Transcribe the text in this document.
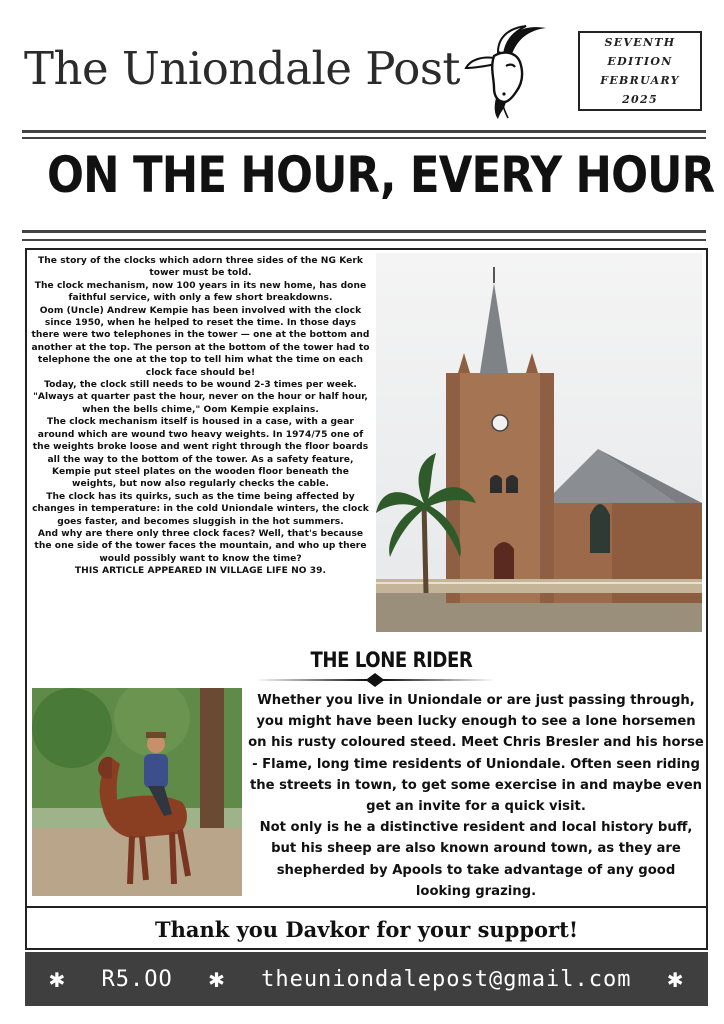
The Uniondale Post	SEVENTH
EDITION
FEBRUARY
2025
ON THE HOUR, EVERY HOUR

The story of the clocks which adorn three sides of the NG Kerk tower must be told.

The clock mechanism, now 100 years in its new home, has done faithful service, with only a few short breakdowns.

Oom (Uncle) Andrew Kempie has been involved with the clock since 1950, when he helped to reset the time. In those days there were two telephones in the tower — one at the bottom and another at the top. The person at the bottom of the tower had to telephone the one at the top to tell him what the time on each clock face should be!

Today, the clock still needs to be wound 2-3 times per week. "Always at quarter past the hour, never on the hour or half hour, when the bells chime," Oom Kempie explains.

The clock mechanism itself is housed in a case, with a gear around which are wound two heavy weights. In 1974/75 one of the weights broke loose and went right through the floor boards all the way to the bottom of the tower. As a safety feature, Kempie put steel plates on the wooden floor beneath the weights, but now also regularly checks the cable.

The clock has its quirks, such as the time being affected by changes in temperature: in the cold Uniondale winters, the clock goes faster, and becomes sluggish in the hot summers.

And why are there only three clock faces? Well, that's because the one side of the tower faces the mountain, and who up there would possibly want to know the time?

THIS ARTICLE APPEARED IN VILLAGE LIFE NO 39.

THE LONE RIDER

Whether you live in Uniondale or are just passing through, you might have been lucky enough to see a lone horsemen on his rusty coloured steed. Meet Chris Bresler and his horse - Flame, long time residents of Uniondale. Often seen riding the streets in town, to get some exercise in and maybe even get an invite for a quick visit.

Not only is he a distinctive resident and local history buff, but his sheep are also known around town, as they are shepherded by Apools to take advantage of any good looking grazing.

Thank you Davkor for your support!
✱ R5.OO ✱ theuniondalepost@gmail.com ✱
